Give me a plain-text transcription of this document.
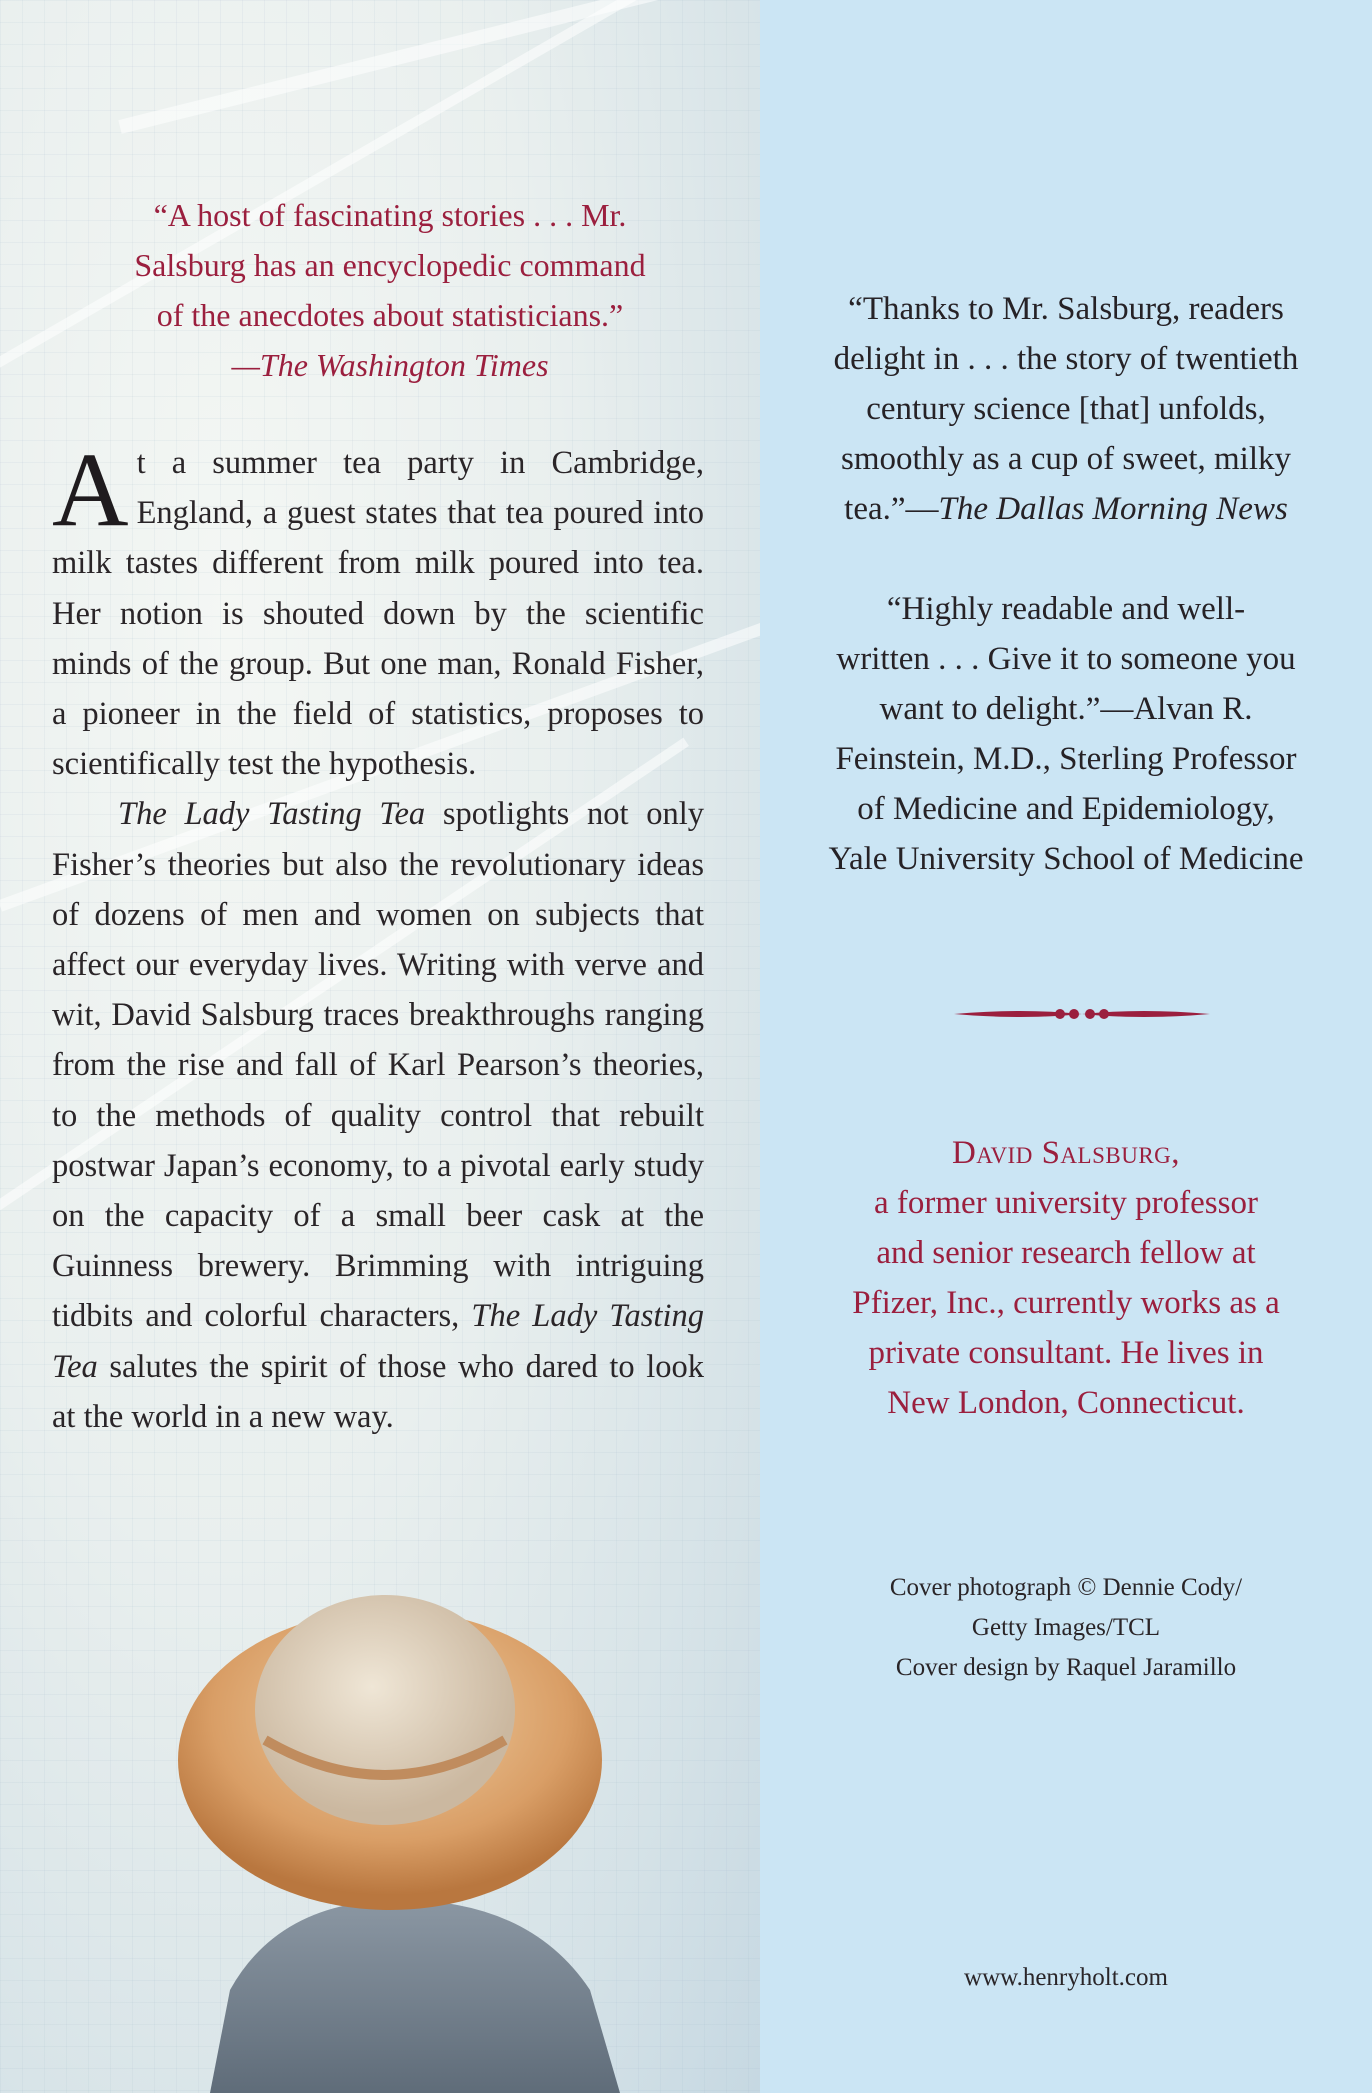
“A host of fascinating stories . . . Mr.
Salsburg has an encyclopedic command
of the anecdotes about statisticians.”
—The Washington Times

At a summer tea party in Cambridge, England, a guest states that tea poured into milk tastes different from milk poured into tea. Her notion is shouted down by the scientific minds of the group. But one man, Ronald Fisher, a pioneer in the field of statistics, proposes to scientifically test the hypothesis.

The Lady Tasting Tea spotlights not only Fisher’s theories but also the revolutionary ideas of dozens of men and women on subjects that affect our everyday lives. Writing with verve and wit, David Salsburg traces breakthroughs ranging from the rise and fall of Karl Pearson’s theories, to the methods of quality control that rebuilt postwar Japan’s economy, to a pivotal early study on the capacity of a small beer cask at the Guinness brewery. Brimming with intriguing tidbits and colorful characters, The Lady Tasting Tea salutes the spirit of those who dared to look at the world in a new way.

“Thanks to Mr. Salsburg, readers
delight in . . . the story of twentieth
century science [that] unfolds,
smoothly as a cup of sweet, milky
tea.”—The Dallas Morning News
“Highly readable and well-
written . . . Give it to someone you
want to delight.”—Alvan R.
Feinstein, M.D., Sterling Professor
of Medicine and Epidemiology,
Yale University School of Medicine
David Salsburg,
a former university professor
and senior research fellow at
Pfizer, Inc., currently works as a
private consultant. He lives in
New London, Connecticut.
Cover photograph © Dennie Cody/
Getty Images/TCL
Cover design by Raquel Jaramillo
www.henryholt.com
